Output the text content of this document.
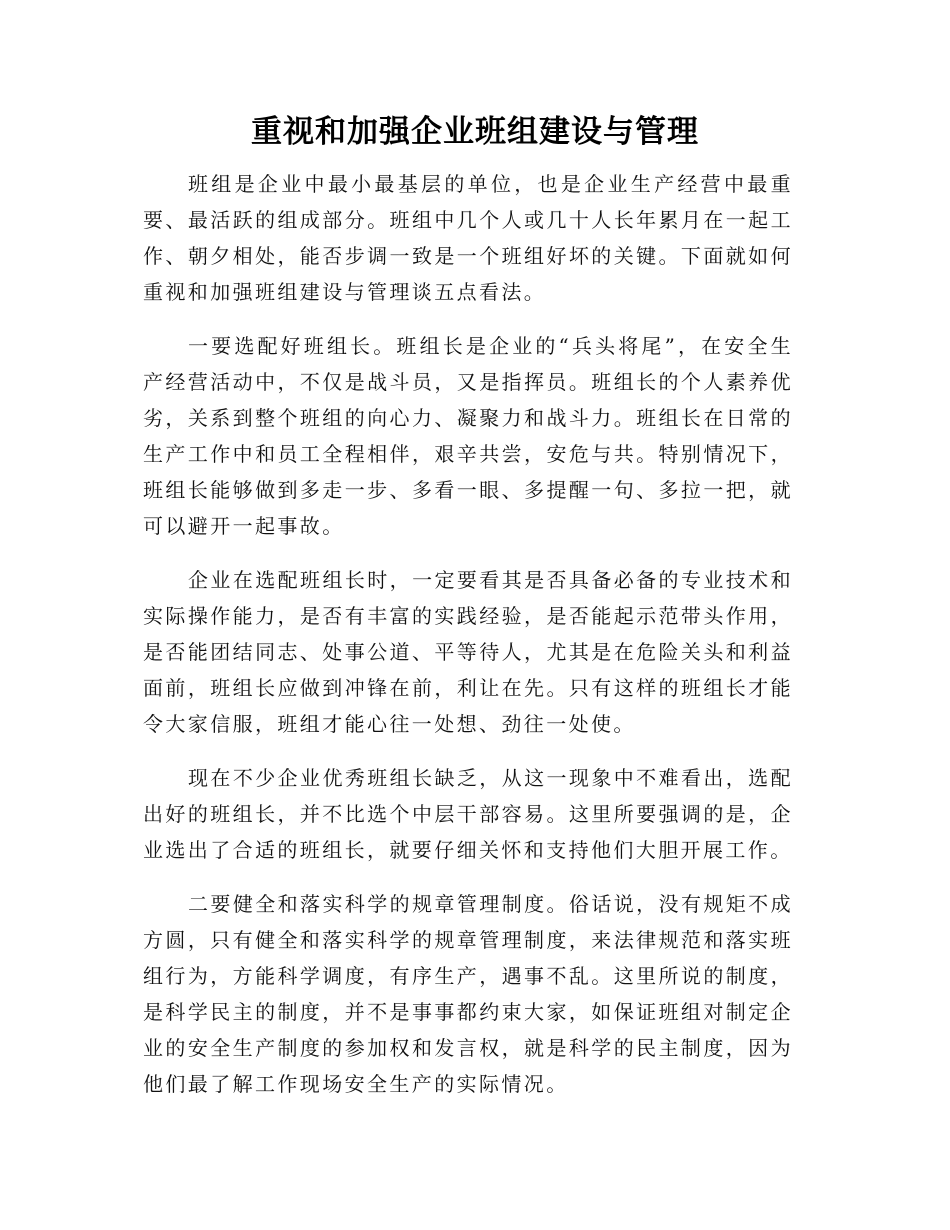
重视和加强企业班组建设与管理

班组是企业中最小最基层的单位，也是企业生产经营中最重要、最活跃的组成部分。班组中几个人或几十人长年累月在一起工作、朝夕相处，能否步调一致是一个班组好坏的关键。下面就如何重视和加强班组建设与管理谈五点看法。

一要选配好班组长。班组长是企业的“兵头将尾”，在安全生产经营活动中，不仅是战斗员，又是指挥员。班组长的个人素养优劣，关系到整个班组的向心力、凝聚力和战斗力。班组长在日常的生产工作中和员工全程相伴，艰辛共尝，安危与共。特别情况下，班组长能够做到多走一步、多看一眼、多提醒一句、多拉一把，就可以避开一起事故。

企业在选配班组长时，一定要看其是否具备必备的专业技术和实际操作能力，是否有丰富的实践经验，是否能起示范带头作用，是否能团结同志、处事公道、平等待人，尤其是在危险关头和利益面前，班组长应做到冲锋在前，利让在先。只有这样的班组长才能令大家信服，班组才能心往一处想、劲往一处使。

现在不少企业优秀班组长缺乏，从这一现象中不难看出，选配出好的班组长，并不比选个中层干部容易。这里所要强调的是，企业选出了合适的班组长，就要仔细关怀和支持他们大胆开展工作。

二要健全和落实科学的规章管理制度。俗话说，没有规矩不成方圆，只有健全和落实科学的规章管理制度，来法律规范和落实班组行为，方能科学调度，有序生产，遇事不乱。这里所说的制度，是科学民主的制度，并不是事事都约束大家，如保证班组对制定企业的安全生产制度的参加权和发言权，就是科学的民主制度，因为他们最了解工作现场安全生产的实际情况。
